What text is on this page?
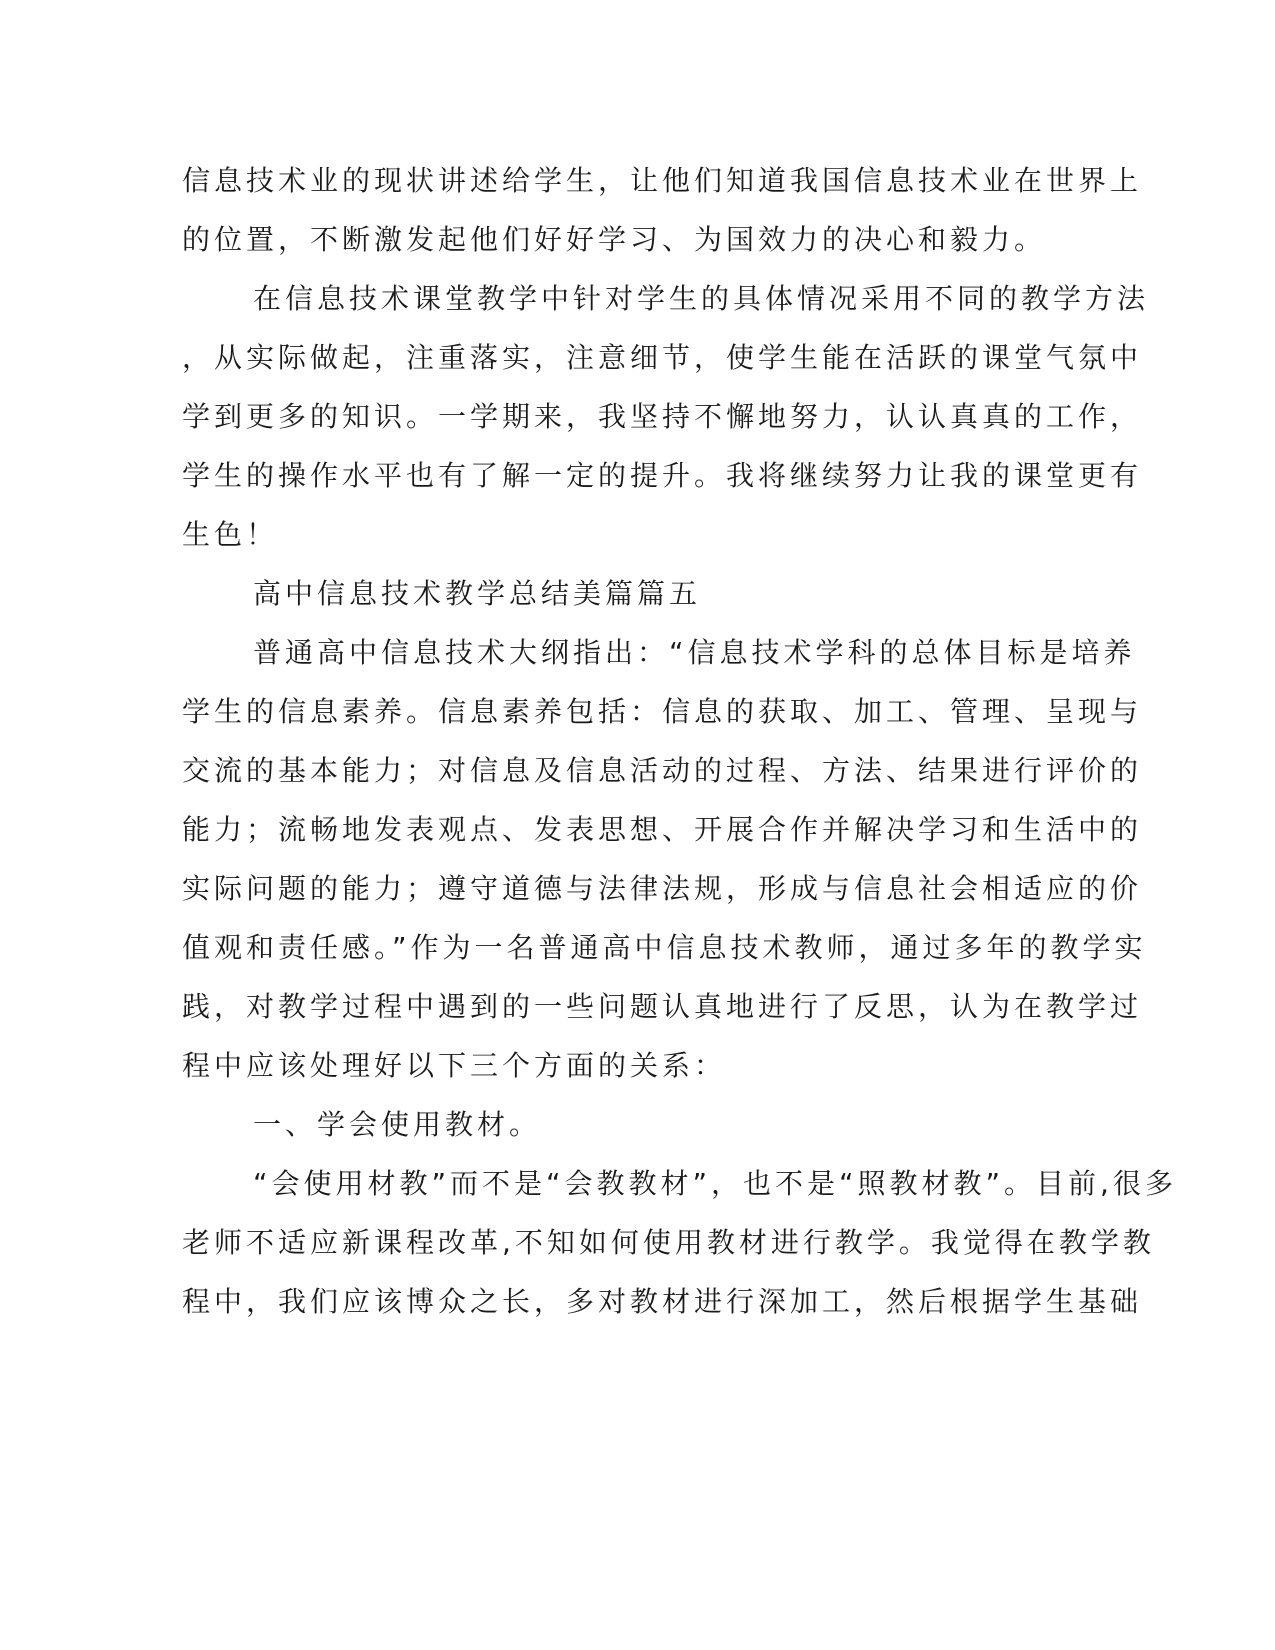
信息技术业的现状讲述给学生，让他们知道我国信息技术业在世界上
的位置，不断激发起他们好好学习、为国效力的决心和毅力。
在信息技术课堂教学中针对学生的具体情况采用不同的教学方法
，从实际做起，注重落实，注意细节，使学生能在活跃的课堂气氛中
学到更多的知识。一学期来，我坚持不懈地努力，认认真真的工作，
学生的操作水平也有了解一定的提升。我将继续努力让我的课堂更有
生色！
高中信息技术教学总结美篇篇五
普通高中信息技术大纲指出：“信息技术学科的总体目标是培养
学生的信息素养。信息素养包括：信息的获取、加工、管理、呈现与
交流的基本能力；对信息及信息活动的过程、方法、结果进行评价的
能力；流畅地发表观点、发表思想、开展合作并解决学习和生活中的
实际问题的能力；遵守道德与法律法规，形成与信息社会相适应的价
值观和责任感。”作为一名普通高中信息技术教师，通过多年的教学实
践，对教学过程中遇到的一些问题认真地进行了反思，认为在教学过
程中应该处理好以下三个方面的关系：
一、学会使用教材。
“会使用材教”而不是“会教教材”，也不是“照教材教”。目前,很多
老师不适应新课程改革,不知如何使用教材进行教学。我觉得在教学教
程中，我们应该博众之长，多对教材进行深加工，然后根据学生基础
